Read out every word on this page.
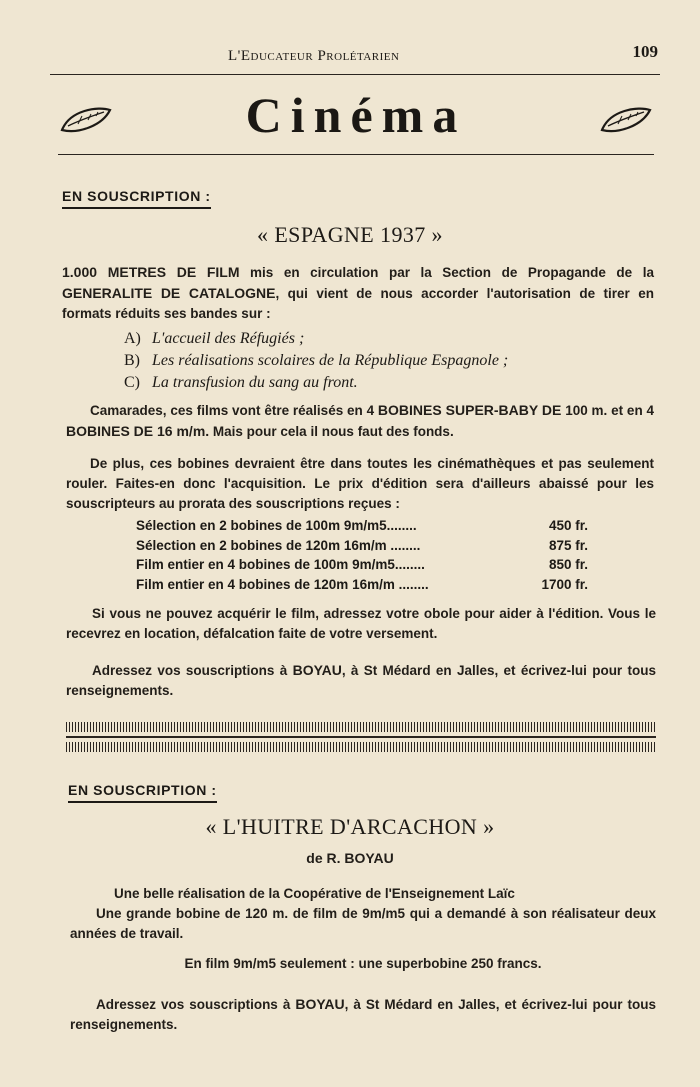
L'Educateur Prolétarien	109
Cinéma
EN SOUSCRIPTION :
« ESPAGNE 1937 »
1.000 METRES DE FILM mis en circulation par la Section de Propagande de la GENERALITE DE CATALOGNE, qui vient de nous accorder l'autorisation de tirer en formats réduits ses bandes sur :
A) L'accueil des Réfugiés ;
B) Les réalisations scolaires de la République Espagnole ;
C) La transfusion du sang au front.
Camarades, ces films vont être réalisés en 4 BOBINES SUPER-BABY DE 100 m. et en 4 BOBINES DE 16 m/m. Mais pour cela il nous faut des fonds.
De plus, ces bobines devraient être dans toutes les cinémathèques et pas seulement rouler. Faites-en donc l'acquisition. Le prix d'édition sera d'ailleurs abaissé pour les souscripteurs au prorata des souscriptions reçues :
Sélection en 2 bobines de 100m 9m/m5........	450 fr.
Sélection en 2 bobines de 120m 16m/m ........	875 fr.
Film entier en 4 bobines de 100m 9m/m5........	850 fr.
Film entier en 4 bobines de 120m 16m/m ........	1700 fr.
Si vous ne pouvez acquérir le film, adressez votre obole pour aider à l'édition. Vous le recevrez en location, défalcation faite de votre versement.
Adressez vos souscriptions à BOYAU, à St Médard en Jalles, et écrivez-lui pour tous renseignements.
EN SOUSCRIPTION :
« L'HUITRE D'ARCACHON »
de R. BOYAU
Une belle réalisation de la Coopérative de l'Enseignement Laïc
Une grande bobine de 120 m. de film de 9m/m5 qui a demandé à son réalisateur deux années de travail.
En film 9m/m5 seulement : une superbobine 250 francs.
Adressez vos souscriptions à BOYAU, à St Médard en Jalles, et écrivez-lui pour tous renseignements.
